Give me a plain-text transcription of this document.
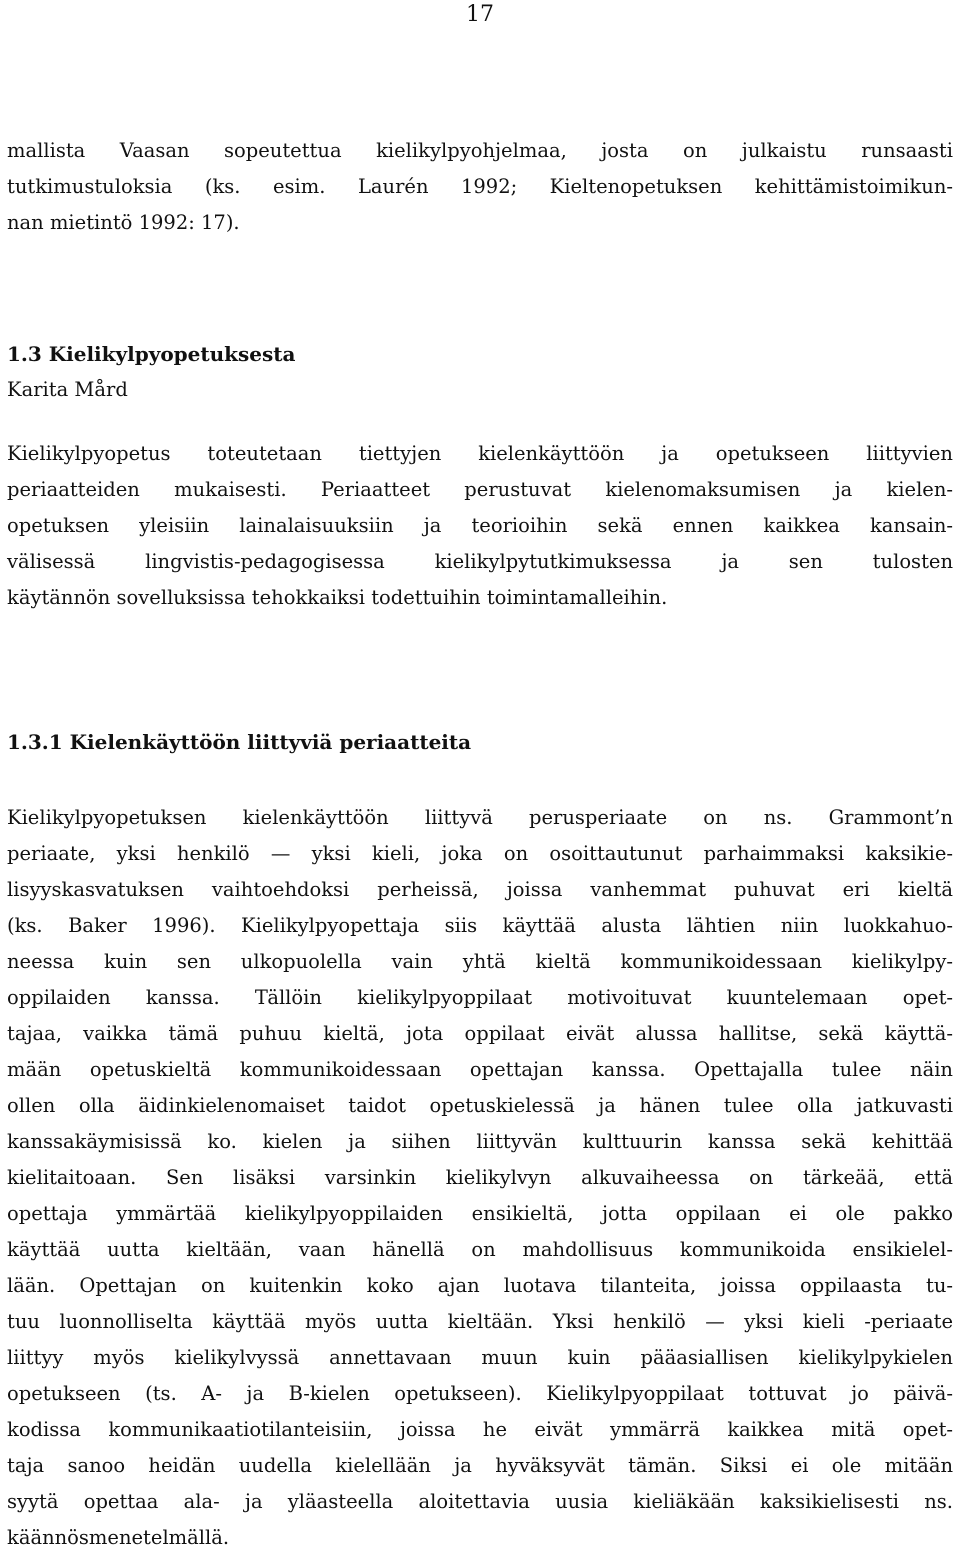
17
mallista Vaasan sopeutettua kielikylpyohjelmaa, josta on julkaistu runsaasti
tutkimustuloksia (ks. esim. Laurén 1992; Kieltenopetuksen kehittämistoimikun-
nan mietintö 1992: 17).
1.3 Kielikylpyopetuksesta
Karita Mård
Kielikylpyopetus toteutetaan tiettyjen kielenkäyttöön ja opetukseen liittyvien
periaatteiden mukaisesti. Periaatteet perustuvat kielenomaksumisen ja kielen-
opetuksen yleisiin lainalaisuuksiin ja teorioihin sekä ennen kaikkea kansain-
välisessä lingvistis-pedagogisessa kielikylpytutkimuksessa ja sen tulosten
käytännön sovelluksissa tehokkaiksi todettuihin toimintamalleihin.
1.3.1 Kielenkäyttöön liittyviä periaatteita
Kielikylpyopetuksen kielenkäyttöön liittyvä perusperiaate on ns. Grammont’n
periaate, yksi henkilö — yksi kieli, joka on osoittautunut parhaimmaksi kaksikie-
lisyyskasvatuksen vaihtoehdoksi perheissä, joissa vanhemmat puhuvat eri kieltä
(ks. Baker 1996). Kielikylpyopettaja siis käyttää alusta lähtien niin luokkahuo-
neessa kuin sen ulkopuolella vain yhtä kieltä kommunikoidessaan kielikylpy-
oppilaiden kanssa. Tällöin kielikylpyoppilaat motivoituvat kuuntelemaan opet-
tajaa, vaikka tämä puhuu kieltä, jota oppilaat eivät alussa hallitse, sekä käyttä-
mään opetuskieltä kommunikoidessaan opettajan kanssa. Opettajalla tulee näin
ollen olla äidinkielenomaiset taidot opetuskielessä ja hänen tulee olla jatkuvasti
kanssakäymisissä ko. kielen ja siihen liittyvän kulttuurin kanssa sekä kehittää
kielitaitoaan. Sen lisäksi varsinkin kielikylvyn alkuvaiheessa on tärkeää, että
opettaja ymmärtää kielikylpyoppilaiden ensikieltä, jotta oppilaan ei ole pakko
käyttää uutta kieltään, vaan hänellä on mahdollisuus kommunikoida ensikielel-
lään. Opettajan on kuitenkin koko ajan luotava tilanteita, joissa oppilaasta tu-
tuu luonnolliselta käyttää myös uutta kieltään. Yksi henkilö — yksi kieli -periaate
liittyy myös kielikylvyssä annettavaan muun kuin pääasiallisen kielikylpykielen
opetukseen (ts. A- ja B-kielen opetukseen). Kielikylpyoppilaat tottuvat jo päivä-
kodissa kommunikaatiotilanteisiin, joissa he eivät ymmärrä kaikkea mitä opet-
taja sanoo heidän uudella kielellään ja hyväksyvät tämän. Siksi ei ole mitään
syytä opettaa ala- ja yläasteella aloitettavia uusia kieliäkään kaksikielisesti ns.
käännösmenetelmällä.
